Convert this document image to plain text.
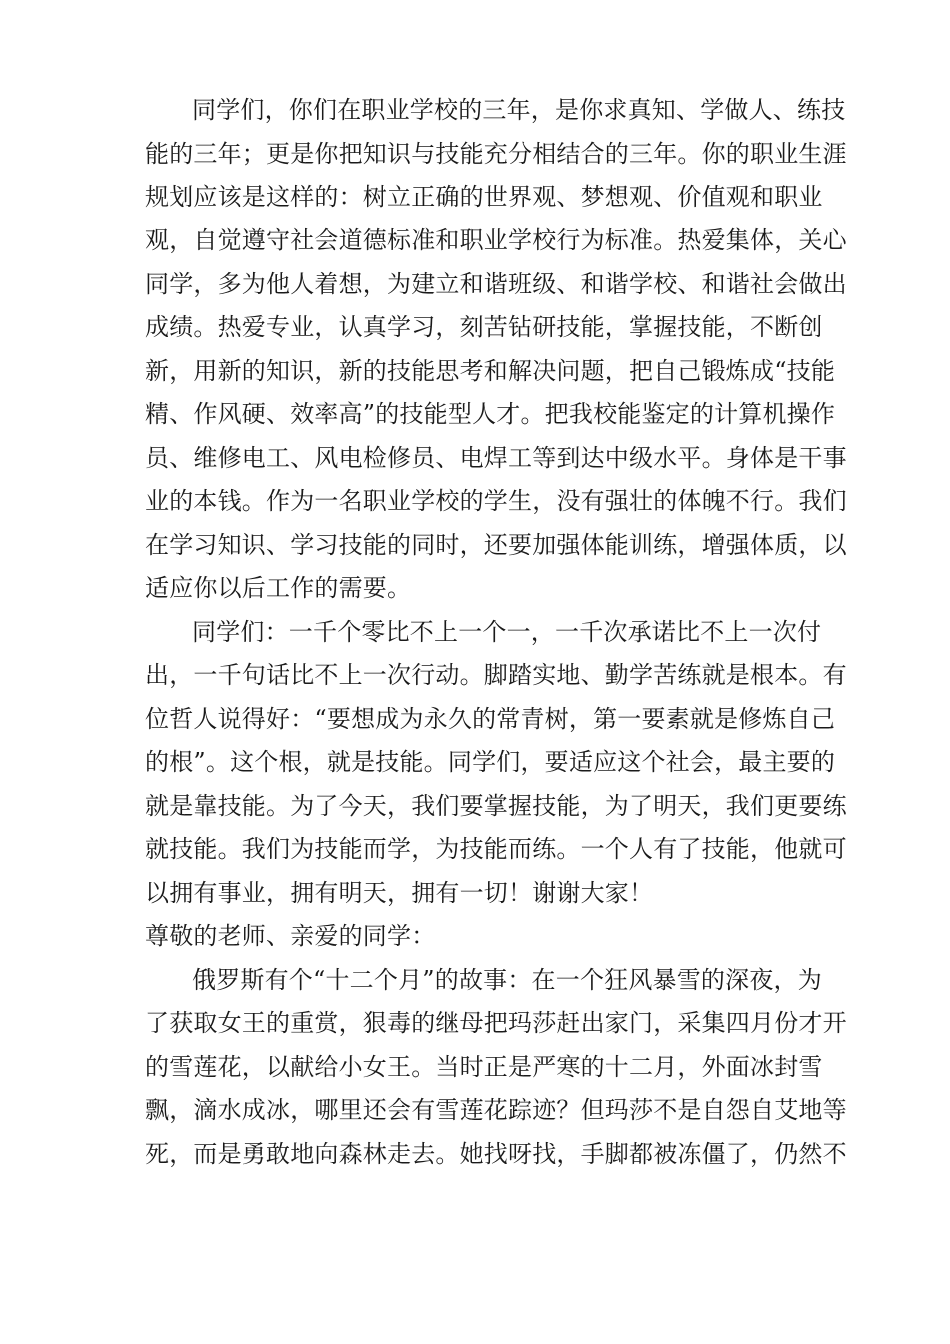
同学们，你们在职业学校的三年，是你求真知、学做人、练技
能的三年；更是你把知识与技能充分相结合的三年。你的职业生涯
规划应该是这样的：树立正确的世界观、梦想观、价值观和职业
观，自觉遵守社会道德标准和职业学校行为标准。热爱集体，关心
同学，多为他人着想，为建立和谐班级、和谐学校、和谐社会做出
成绩。热爱专业，认真学习，刻苦钻研技能，掌握技能，不断创
新，用新的知识，新的技能思考和解决问题，把自己锻炼成“技能
精、作风硬、效率高”的技能型人才。把我校能鉴定的计算机操作
员、维修电工、风电检修员、电焊工等到达中级水平。身体是干事
业的本钱。作为一名职业学校的学生，没有强壮的体魄不行。我们
在学习知识、学习技能的同时，还要加强体能训练，增强体质，以
适应你以后工作的需要。
同学们：一千个零比不上一个一，一千次承诺比不上一次付
出，一千句话比不上一次行动。脚踏实地、勤学苦练就是根本。有
位哲人说得好：“要想成为永久的常青树，第一要素就是修炼自己
的根”。这个根，就是技能。同学们，要适应这个社会，最主要的
就是靠技能。为了今天，我们要掌握技能，为了明天，我们更要练
就技能。我们为技能而学，为技能而练。一个人有了技能，他就可
以拥有事业，拥有明天，拥有一切！谢谢大家！
尊敬的老师、亲爱的同学：
俄罗斯有个“十二个月”的故事：在一个狂风暴雪的深夜，为
了获取女王的重赏，狠毒的继母把玛莎赶出家门，采集四月份才开
的雪莲花，以献给小女王。当时正是严寒的十二月，外面冰封雪
飘，滴水成冰，哪里还会有雪莲花踪迹？但玛莎不是自怨自艾地等
死，而是勇敢地向森林走去。她找呀找，手脚都被冻僵了，仍然不
